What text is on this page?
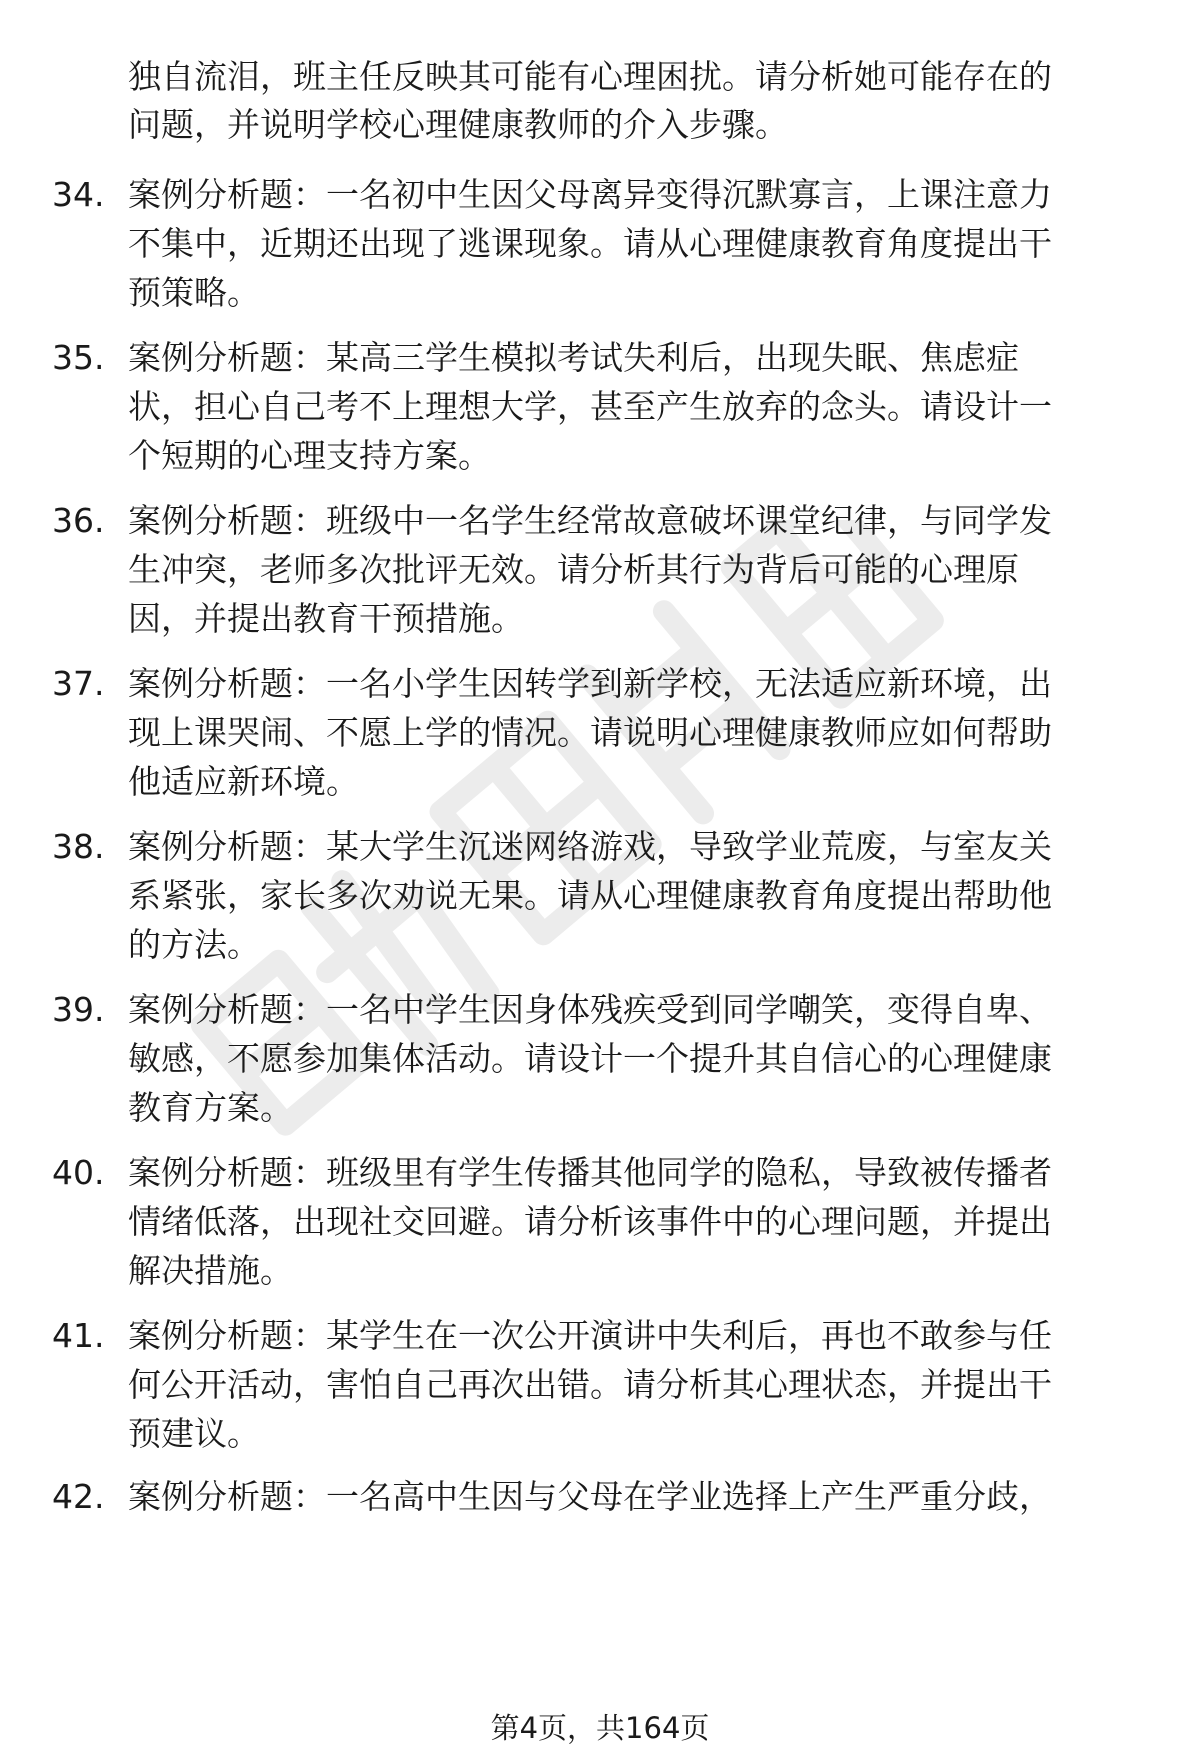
独自流泪，班主任反映其可能有心理困扰。请分析她可能存在的
问题，并说明学校心理健康教师的介入步骤。
34. 案例分析题：一名初中生因父母离异变得沉默寡言，上课注意力
不集中，近期还出现了逃课现象。请从心理健康教育角度提出干
预策略。
35. 案例分析题：某高三学生模拟考试失利后，出现失眠、焦虑症
状，担心自己考不上理想大学，甚至产生放弃的念头。请设计一
个短期的心理支持方案。
36. 案例分析题：班级中一名学生经常故意破坏课堂纪律，与同学发
生冲突，老师多次批评无效。请分析其行为背后可能的心理原
因，并提出教育干预措施。
37. 案例分析题：一名小学生因转学到新学校，无法适应新环境，出
现上课哭闹、不愿上学的情况。请说明心理健康教师应如何帮助
他适应新环境。
38. 案例分析题：某大学生沉迷网络游戏，导致学业荒废，与室友关
系紧张，家长多次劝说无果。请从心理健康教育角度提出帮助他
的方法。
39. 案例分析题：一名中学生因身体残疾受到同学嘲笑，变得自卑、
敏感，不愿参加集体活动。请设计一个提升其自信心的心理健康
教育方案。
40. 案例分析题：班级里有学生传播其他同学的隐私，导致被传播者
情绪低落，出现社交回避。请分析该事件中的心理问题，并提出
解决措施。
41. 案例分析题：某学生在一次公开演讲中失利后，再也不敢参与任
何公开活动，害怕自己再次出错。请分析其心理状态，并提出干
预建议。
42. 案例分析题：一名高中生因与父母在学业选择上产生严重分歧，
第4页，共164页
